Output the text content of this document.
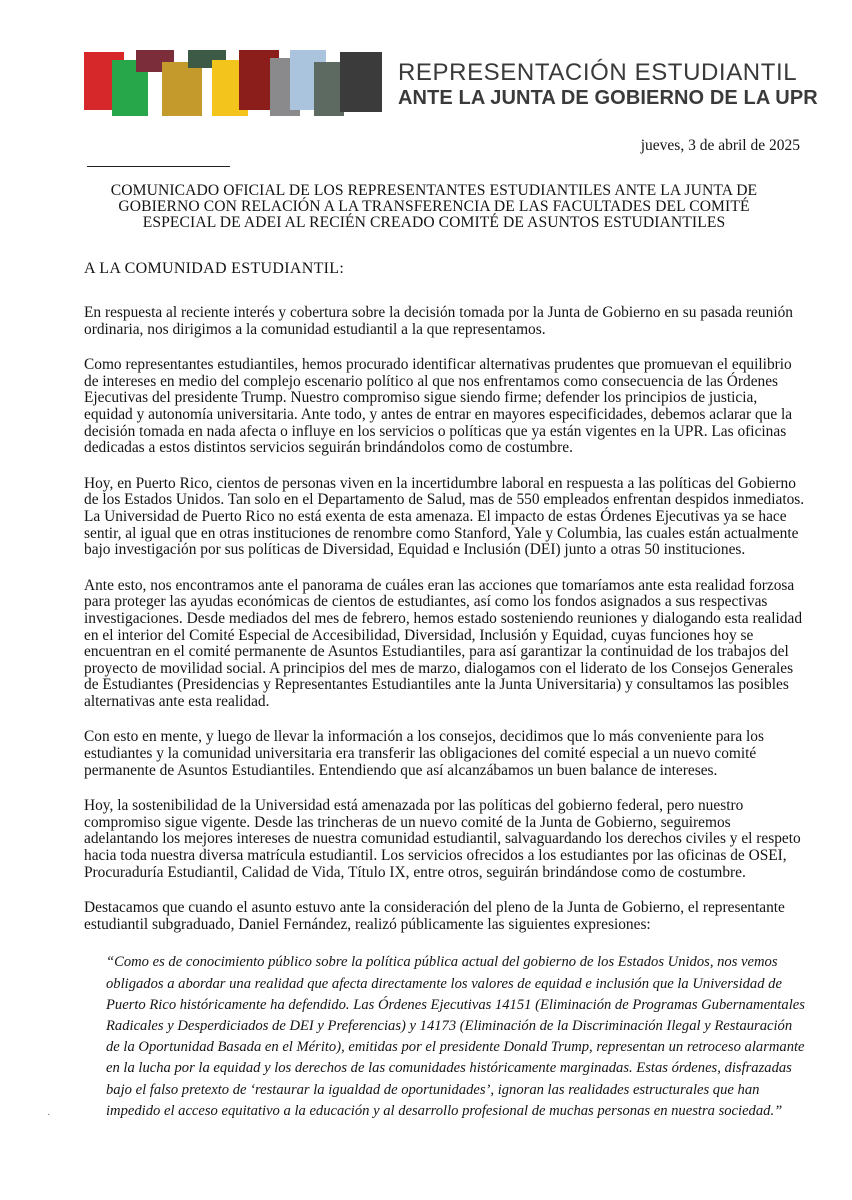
REPRESENTACIÓN ESTUDIANTIL
ANTE LA JUNTA DE GOBIERNO DE LA UPR
jueves, 3 de abril de 2025
COMUNICADO OFICIAL DE LOS REPRESENTANTES ESTUDIANTILES ANTE LA JUNTA DE GOBIERNO CON RELACIÓN A LA TRANSFERENCIA DE LAS FACULTADES DEL COMITÉ ESPECIAL DE ADEI AL RECIÉN CREADO COMITÉ DE ASUNTOS ESTUDIANTILES
A LA COMUNIDAD ESTUDIANTIL:

En respuesta al reciente interés y cobertura sobre la decisión tomada por la Junta de Gobierno en su pasada reunión ordinaria, nos dirigimos a la comunidad estudiantil a la que representamos.

Como representantes estudiantiles, hemos procurado identificar alternativas prudentes que promuevan el equilibrio de intereses en medio del complejo escenario político al que nos enfrentamos como consecuencia de las Órdenes Ejecutivas del presidente Trump. Nuestro compromiso sigue siendo firme; defender los principios de justicia, equidad y autonomía universitaria. Ante todo, y antes de entrar en mayores especificidades, debemos aclarar que la decisión tomada en nada afecta o influye en los servicios o políticas que ya están vigentes en la UPR. Las oficinas dedicadas a estos distintos servicios seguirán brindándolos como de costumbre.

Hoy, en Puerto Rico, cientos de personas viven en la incertidumbre laboral en respuesta a las políticas del Gobierno de los Estados Unidos. Tan solo en el Departamento de Salud, mas de 550 empleados enfrentan despidos inmediatos. La Universidad de Puerto Rico no está exenta de esta amenaza. El impacto de estas Órdenes Ejecutivas ya se hace sentir, al igual que en otras instituciones de renombre como Stanford, Yale y Columbia, las cuales están actualmente bajo investigación por sus políticas de Diversidad, Equidad e Inclusión (DEI) junto a otras 50 instituciones.

Ante esto, nos encontramos ante el panorama de cuáles eran las acciones que tomaríamos ante esta realidad forzosa para proteger las ayudas económicas de cientos de estudiantes, así como los fondos asignados a sus respectivas investigaciones. Desde mediados del mes de febrero, hemos estado sosteniendo reuniones y dialogando esta realidad en el interior del Comité Especial de Accesibilidad, Diversidad, Inclusión y Equidad, cuyas funciones hoy se encuentran en el comité permanente de Asuntos Estudiantiles, para así garantizar la continuidad de los trabajos del proyecto de movilidad social. A principios del mes de marzo, dialogamos con el liderato de los Consejos Generales de Estudiantes (Presidencias y Representantes Estudiantiles ante la Junta Universitaria) y consultamos las posibles alternativas ante esta realidad.

Con esto en mente, y luego de llevar la información a los consejos, decidimos que lo más conveniente para los estudiantes y la comunidad universitaria era transferir las obligaciones del comité especial a un nuevo comité permanente de Asuntos Estudiantiles. Entendiendo que así alcanzábamos un buen balance de intereses.

Hoy, la sostenibilidad de la Universidad está amenazada por las políticas del gobierno federal, pero nuestro compromiso sigue vigente. Desde las trincheras de un nuevo comité de la Junta de Gobierno, seguiremos adelantando los mejores intereses de nuestra comunidad estudiantil, salvaguardando los derechos civiles y el respeto hacia toda nuestra diversa matrícula estudiantil. Los servicios ofrecidos a los estudiantes por las oficinas de OSEI, Procuraduría Estudiantil, Calidad de Vida, Título IX, entre otros, seguirán brindándose como de costumbre.

Destacamos que cuando el asunto estuvo ante la consideración del pleno de la Junta de Gobierno, el representante estudiantil subgraduado, Daniel Fernández, realizó públicamente las siguientes expresiones:

“Como es de conocimiento público sobre la política pública actual del gobierno de los Estados Unidos, nos vemos obligados a abordar una realidad que afecta directamente los valores de equidad e inclusión que la Universidad de Puerto Rico históricamente ha defendido. Las Órdenes Ejecutivas 14151 (Eliminación de Programas Gubernamentales Radicales y Desperdiciados de DEI y Preferencias) y 14173 (Eliminación de la Discriminación Ilegal y Restauración de la Oportunidad Basada en el Mérito), emitidas por el presidente Donald Trump, representan un retroceso alarmante en la lucha por la equidad y los derechos de las comunidades históricamente marginadas. Estas órdenes, disfrazadas bajo el falso pretexto de ‘restaurar la igualdad de oportunidades’, ignoran las realidades estructurales que han impedido el acceso equitativo a la educación y al desarrollo profesional de muchas personas en nuestra sociedad.”
·
